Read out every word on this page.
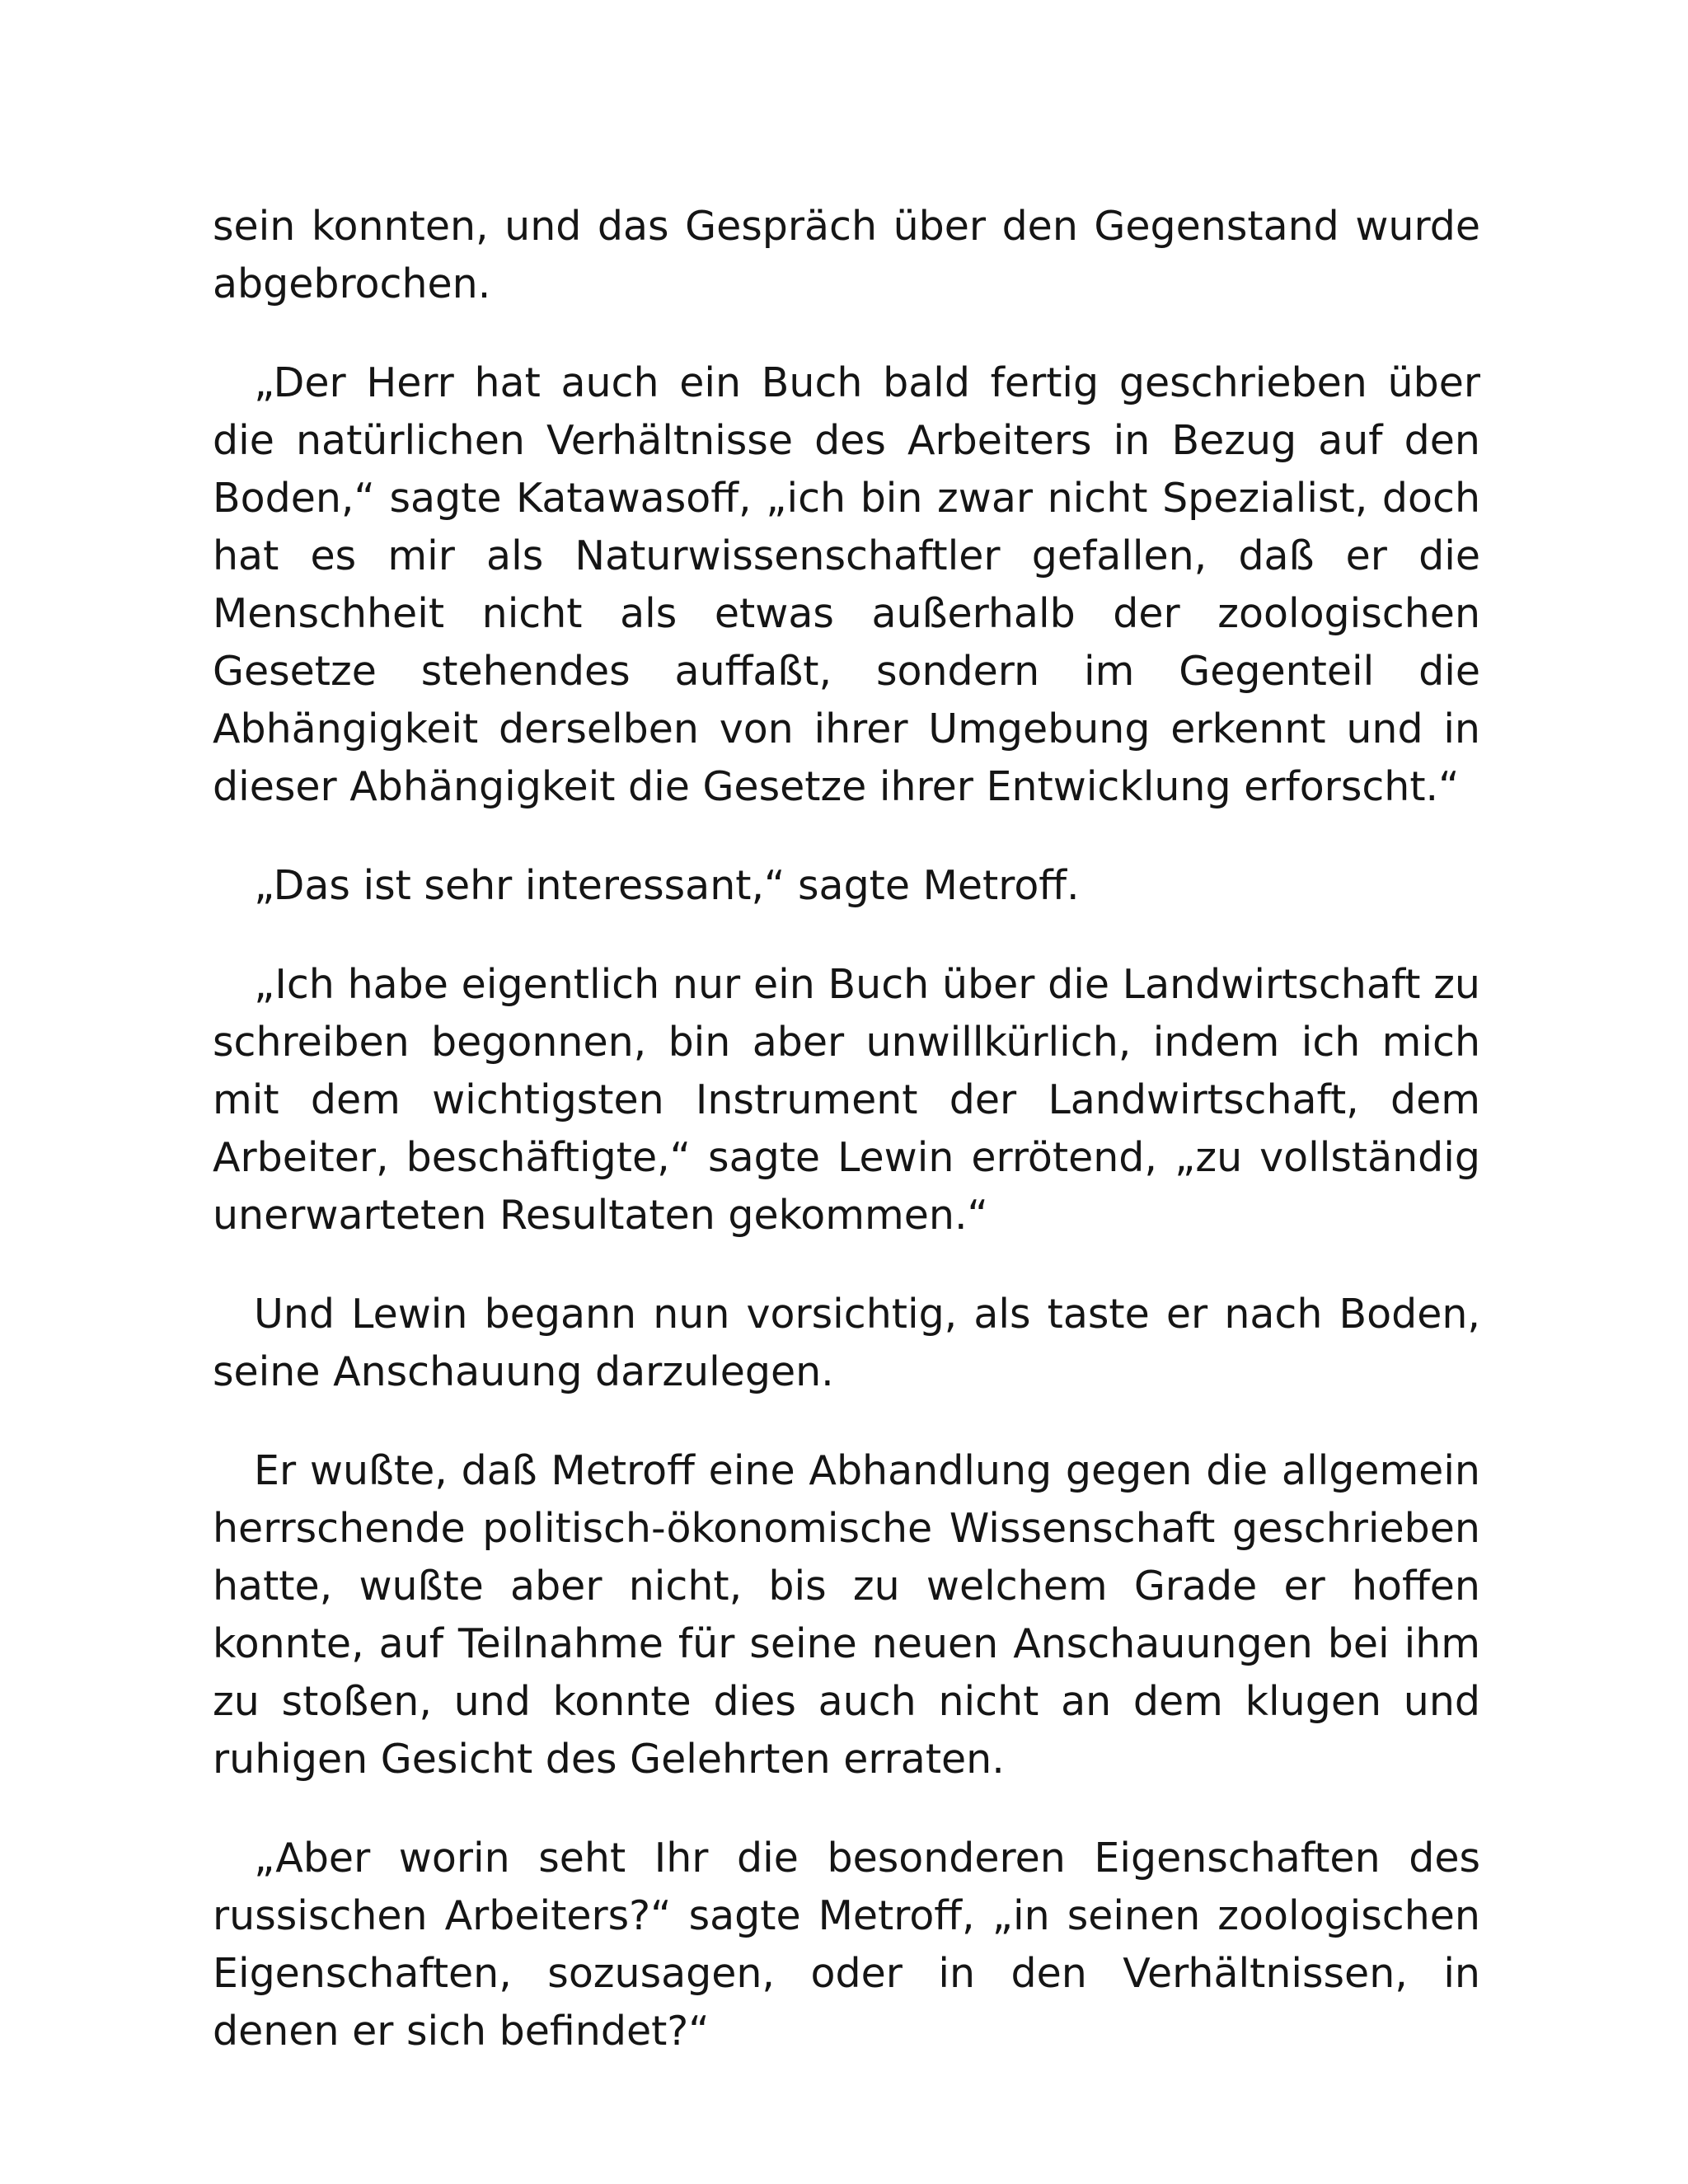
sein konnten, und das Gespräch über den Gegenstand wurde abgebrochen.

„Der Herr hat auch ein Buch bald fertig geschrieben über die natürlichen Verhältnisse des Arbeiters in Bezug auf den Boden,“ sagte Katawasoff, „ich bin zwar nicht Spezialist, doch hat es mir als Naturwissenschaftler gefallen, daß er die Menschheit nicht als etwas außerhalb der zoologischen Gesetze stehendes auffaßt, sondern im Gegenteil die Abhängigkeit derselben von ihrer Umgebung erkennt und in dieser Abhängigkeit die Gesetze ihrer Entwicklung erforscht.“

„Das ist sehr interessant,“ sagte Metroff.

„Ich habe eigentlich nur ein Buch über die Landwirtschaft zu schreiben begonnen, bin aber unwillkürlich, indem ich mich mit dem wichtigsten Instrument der Landwirtschaft, dem Arbeiter, beschäftigte,“ sagte Lewin errötend, „zu vollständig unerwarteten Resultaten gekommen.“

Und Lewin begann nun vorsichtig, als taste er nach Boden, seine Anschauung darzulegen.

Er wußte, daß Metroff eine Abhandlung gegen die allgemein herrschende politisch-ökonomische Wissenschaft geschrieben hatte, wußte aber nicht, bis zu welchem Grade er hoffen konnte, auf Teilnahme für seine neuen Anschauungen bei ihm zu stoßen, und konnte dies auch nicht an dem klugen und ruhigen Gesicht des Gelehrten erraten.

„Aber worin seht Ihr die besonderen Eigenschaften des russischen Arbeiters?“ sagte Metroff, „in seinen zoologischen Eigenschaften, sozusagen, oder in den Verhältnissen, in denen er sich befindet?“
